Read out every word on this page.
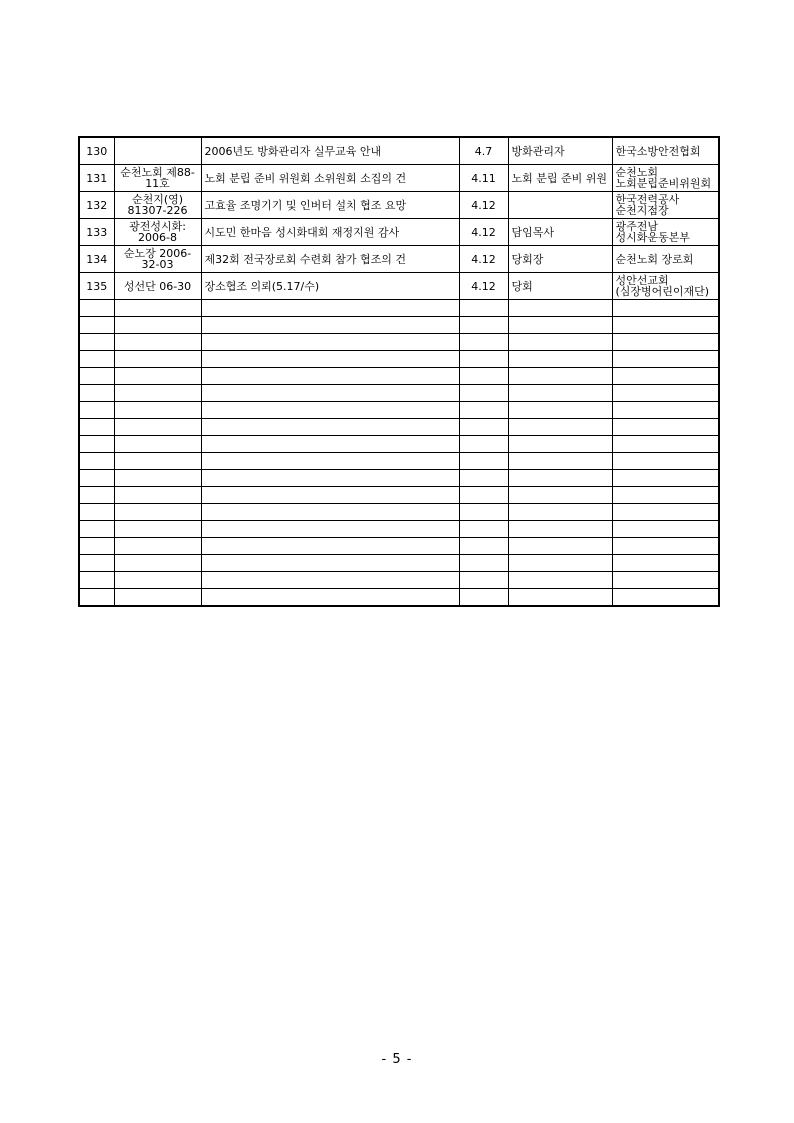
130		2006년도 방화관리자 실무교육 안내	4.7	방화관리자	한국소방안전협회
131	순천노회 제88-11호	노회 분립 준비 위원회 소위원회 소집의 건	4.11	노회 분립 준비 위원	순천노회 노회분립준비위원회
132	순천지(영) 81307-226	고효율 조명기기 및 인버터 설치 협조 요망	4.12		한국전력공사 순천지점장
133	광전성시화: 2006-8	시도민 한마음 성시화대회 재정지원 감사	4.12	담임목사	광주전남 성시화운동본부
134	순노장 2006-32-03	제32회 전국장로회 수련회 참가 협조의 건	4.12	당회장	순천노회 장로회
135	성선단 06-30	장소협조 의뢰(5.17/수)	4.12	당회	성안선교회(심장병어린이재단)

- 5 -
